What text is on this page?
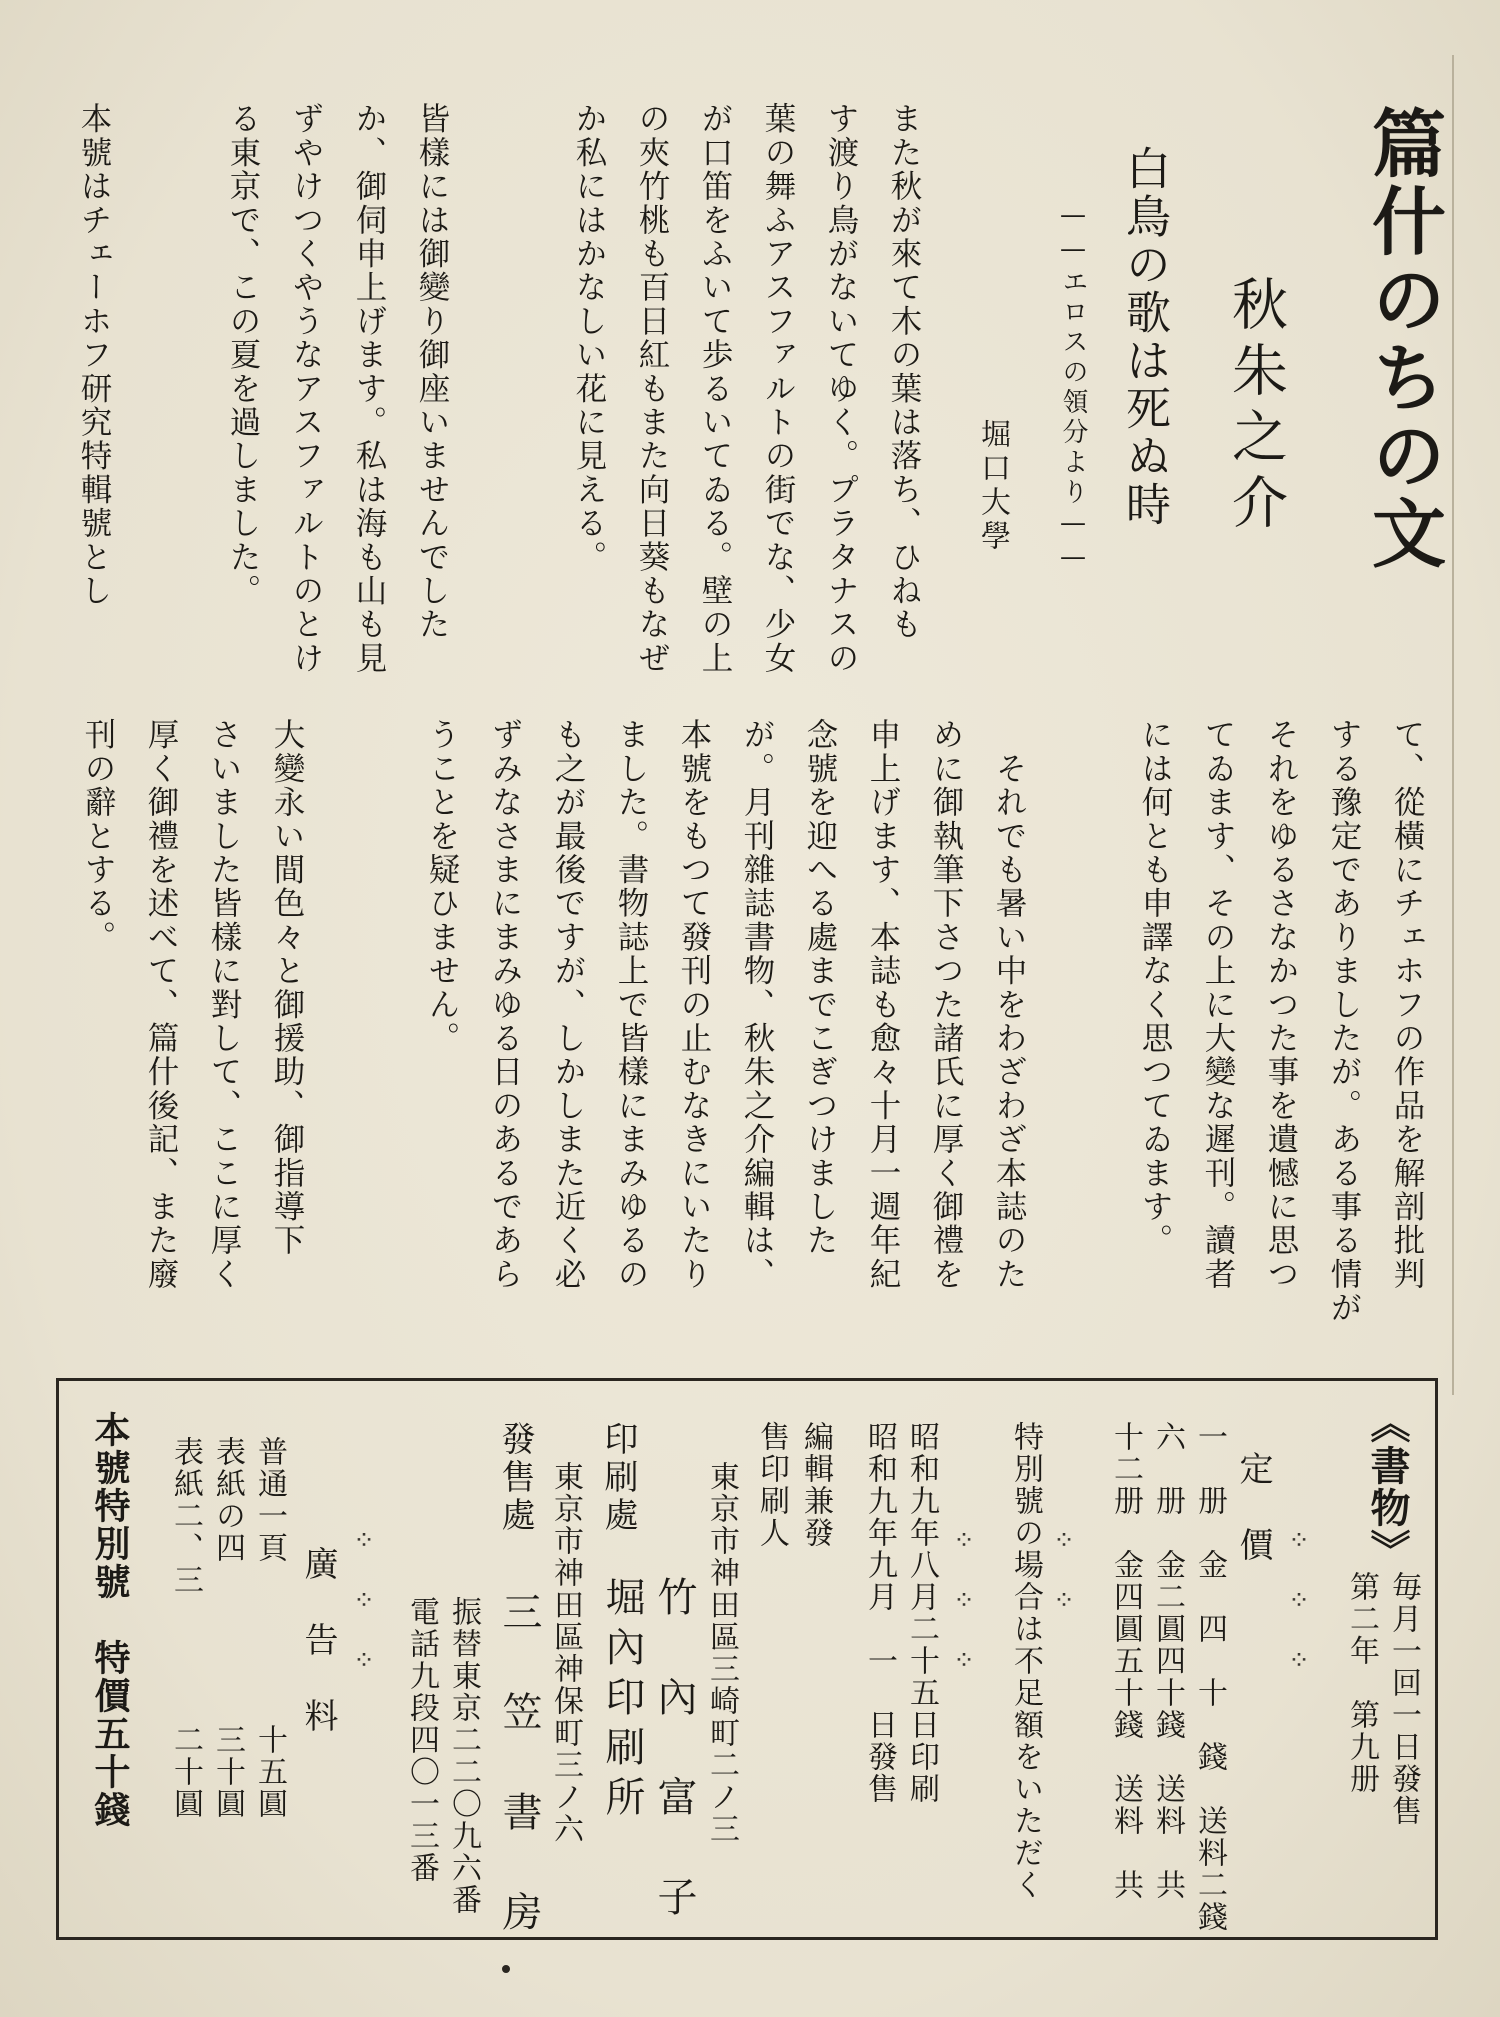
篇什のちの文

秋朱之介

白鳥の歌は死ぬ時

——エロスの領分より——

堀口大學

また秋が來て木の葉は落ち、ひねも

す渡り鳥がないてゆく。プラタナスの

葉の舞ふアスファルトの街でな、少女

が口笛をふいて歩るいてゐる。壁の上

の夾竹桃も百日紅もまた向日葵もなぜ

か私にはかなしい花に見える。

皆樣には御變り御座いませんでした

か、御伺申上げます。私は海も山も見

ずやけつくやうなアスファルトのとけ

る東京で、この夏を過しました。

本號はチェーホフ研究特輯號とし

て、從橫にチェホフの作品を解剖批判

する豫定でありましたが。ある事る情が

それをゆるさなかつた事を遺憾に思つ

てゐます、その上に大變な遲刊。讀者

には何とも申譯なく思つてゐます。

　それでも暑い中をわざわざ本誌のた

めに御執筆下さつた諸氏に厚く御禮を

申上げます、本誌も愈々十月一週年紀

念號を迎へる處までこぎつけました

が。月刊雜誌書物、秋朱之介編輯は、

本號をもつて發刊の止むなきにいたり

ました。書物誌上で皆樣にまみゆるの

も之が最後ですが、しかしまた近く必

ずみなさまにまみゆる日のあるであら

うことを疑ひません。

大變永い間色々と御援助、御指導下

さいました皆樣に對して、ここに厚く

厚く御禮を述べて、篇什後記、また廢

刊の辭とする。

《書物》

毎月一回一日發售

第二年　第九册

⁘

⁘

⁘

定　價

一　册　金　四　十　錢　送料二錢

六　册　金二圓四十錢　送料　共

十二册　金四圓五十錢　送料　共

⁘

⁘

特別號の場合は不足額をいただく

⁘

⁘

⁘

昭和九年八月二十五日印刷

昭和九年九月　一　日發售

編輯兼發
售印刷人

東京市神田區三崎町二ノ三

竹　內　富　子

印刷處

堀內印刷所

東京市神田區神保町三ノ六

發售處

三　笠　書　房

振替東京二二〇九六番

電話九段四〇一三番

⁘

⁘

⁘

廣　告　料

普通一頁　　　　　十五圓

表紙の四　　　　　三十圓

表紙二、三　　　　二十圓

本號特別號　特價五十錢
